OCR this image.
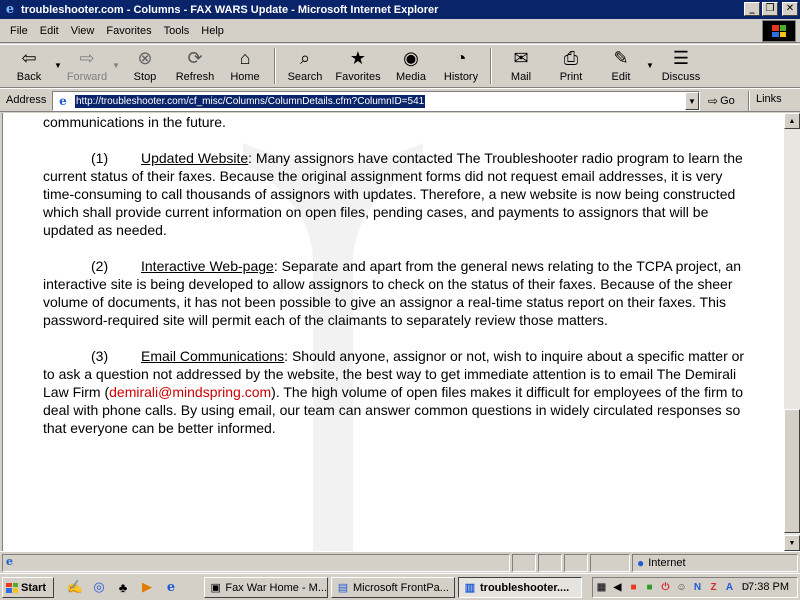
e troubleshooter.com - Columns - FAX WARS Update - Microsoft Internet Explorer	_	❐	✕
File	Edit	View	Favorites	Tools	Help
⇦
Back
▼ ⇨
Forward
▼ ⊗
Stop
⟳
Refresh
⌂
Home
⌕
Search
★
Favorites
◉
Media
◔
History
✉
Mail
⎙
Print
✎
Edit
▼ ☰
Discuss
Address	e http://troubleshooter.com/cf_misc/Columns/ColumnDetails.cfm?ColumnID=541	▼ ⇨ Go Links

communications in the future.

(1) Updated Website: Many assignors have contacted The Troubleshooter radio program to learn the current status of their faxes. Because the original assignment forms did not request email addresses, it is very time-consuming to call thousands of assignors with updates. Therefore, a new website is now being constructed which shall provide current information on open files, pending cases, and payments to assignors that will be updated as needed.

(2) Interactive Web-page: Separate and apart from the general news relating to the TCPA project, an interactive site is being developed to allow assignors to check on the status of their faxes. Because of the sheer volume of documents, it has not been possible to give an assignor a real-time status report on their faxes. This password-required site will permit each of the claimants to separately review those matters.

(3) Email Communications: Should anyone, assignor or not, wish to inquire about a specific matter or to ask a question not addressed by the website, the best way to get immediate attention is to email The Demirali Law Firm (demirali@mindspring.com). The high volume of open files makes it difficult for employees of the firm to deal with phone calls. By using email, our team can answer common questions in widely circulated responses so that everyone can be better informed.

▲
▼
e	● Internet
Start ✍ ◎	♣	▶	e	▣ Fax War Home - M... ▤ Microsoft FrontPa... ▥ troubleshooter....	▦ ◀ ■ ■ ⏻ ☺ N Z A D
7:38 PM
